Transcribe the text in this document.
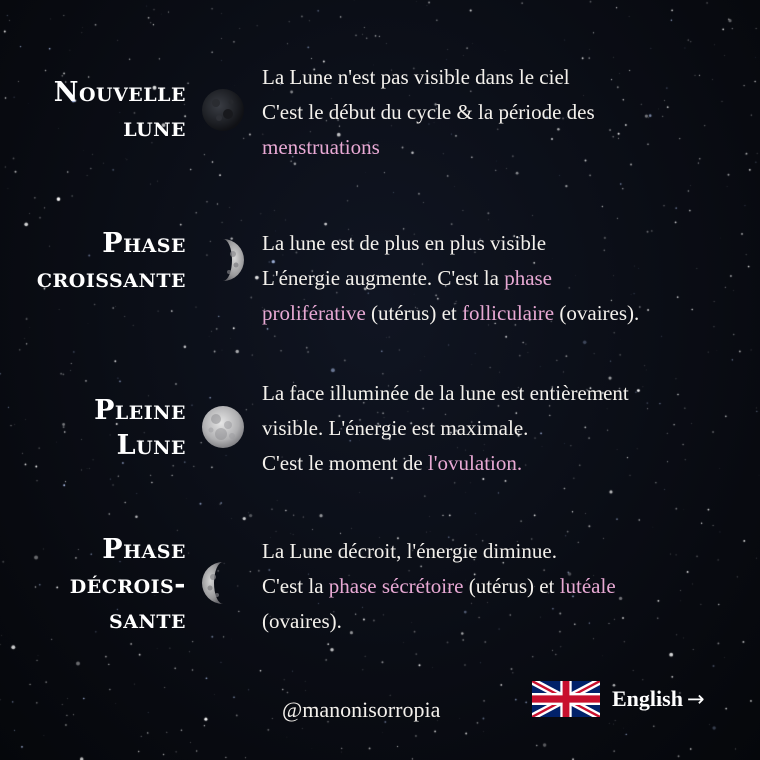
Nouvelle
lune
La Lune n'est pas visible dans le ciel
C'est le début du cycle & la période des
menstruations
Phase
croissante
La lune est de plus en plus visible
L'énergie augmente. C'est la phase
proliférative (utérus) et folliculaire (ovaires).
Pleine
Lune
La face illuminée de la lune est entièrement
visible. L'énergie est maximale.
C'est le moment de l'ovulation.
Phase
décrois-
sante
La Lune décroit, l'énergie diminue.
C'est la phase sécrétoire (utérus) et lutéale
(ovaires).
@manonisorropia	English →
